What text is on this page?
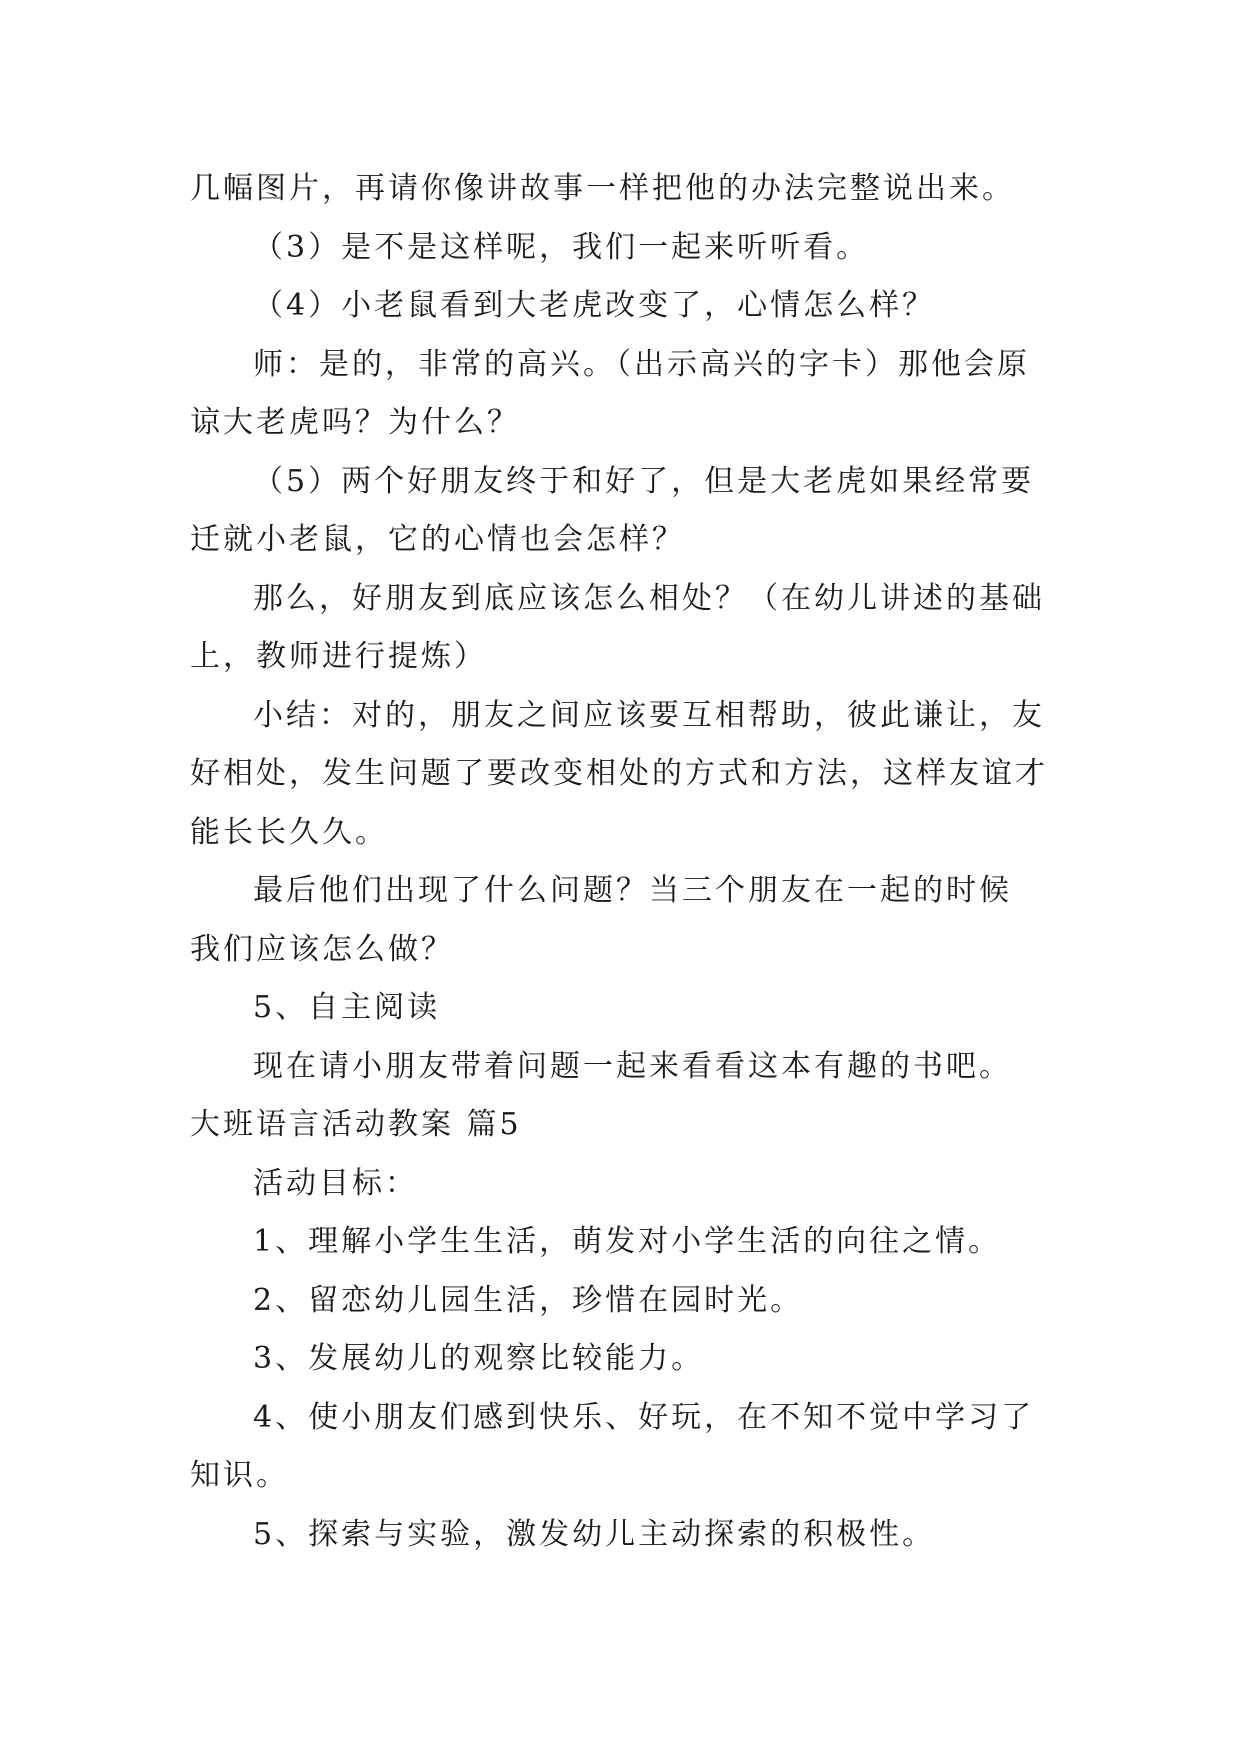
几幅图片，再请你像讲故事一样把他的办法完整说出来。

（3）是不是这样呢，我们一起来听听看。

（4）小老鼠看到大老虎改变了，心情怎么样？

师：是的，非常的高兴。（出示高兴的字卡）那他会原

谅大老虎吗？为什么？

（5）两个好朋友终于和好了，但是大老虎如果经常要

迁就小老鼠，它的心情也会怎样？

那么，好朋友到底应该怎么相处？（在幼儿讲述的基础

上，教师进行提炼）

小结：对的，朋友之间应该要互相帮助，彼此谦让，友

好相处，发生问题了要改变相处的方式和方法，这样友谊才

能长长久久。

最后他们出现了什么问题？当三个朋友在一起的时候

我们应该怎么做？

5、自主阅读

现在请小朋友带着问题一起来看看这本有趣的书吧。

大班语言活动教案 篇5

活动目标：

1、理解小学生生活，萌发对小学生活的向往之情。

2、留恋幼儿园生活，珍惜在园时光。

3、发展幼儿的观察比较能力。

4、使小朋友们感到快乐、好玩，在不知不觉中学习了

知识。

5、探索与实验，激发幼儿主动探索的积极性。
